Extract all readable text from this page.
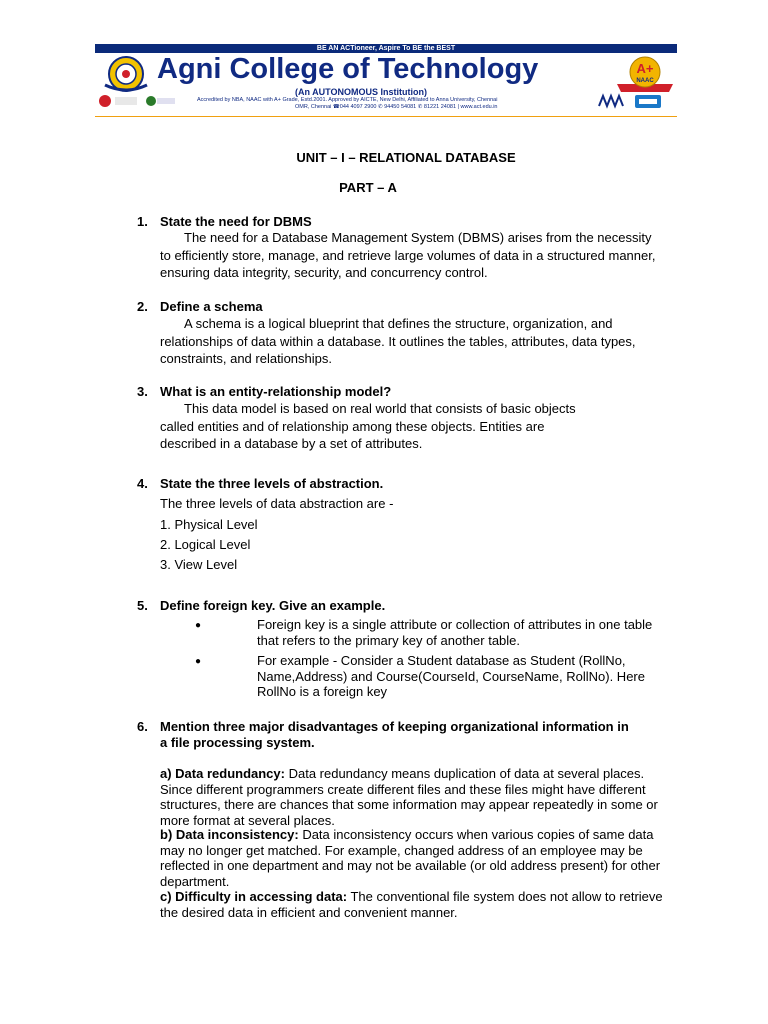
BE AN ACTioneer, Aspire To BE the BEST
Agni College of Technology
(An AUTONOMOUS Institution)
Accredited by NBA, NAAC with A+ Grade, Estd.2001. Approved by AICTE, New Delhi, Affiliated to Anna University, Chennai
OMR, Chennai ☎044 4097 2900 ✆ 94450 54081 ✆ 81221 24081 | www.act.edu.in
A+
NAAC
UNIT – I – RELATIONAL DATABASE
PART – A
1. State the need for DBMS
The need for a Database Management System (DBMS) arises from the necessity to efficiently store, manage, and retrieve large volumes of data in a structured manner, ensuring data integrity, security, and concurrency control.
2. Define a schema
A schema is a logical blueprint that defines the structure, organization, and relationships of data within a database. It outlines the tables, attributes, data types, constraints, and relationships.
3. What is an entity-relationship model?
This data model is based on real world that consists of basic objects called entities and of relationship among these objects. Entities are described in a database by a set of attributes.
4. State the three levels of abstraction.
The three levels of data abstraction are -
1. Physical Level
2. Logical Level
3. View Level
5. Define foreign key. Give an example.
●	Foreign key is a single attribute or collection of attributes in one table that refers to the primary key of another table.
●	For example - Consider a Student database as Student (RollNo, Name,Address) and Course(CourseId, CourseName, RollNo). Here RollNo is a foreign key
6. Mention three major disadvantages of keeping organizational information in
a file processing system.
a) Data redundancy: Data redundancy means duplication of data at several places. Since different programmers create different files and these files might have different structures, there are chances that some information may appear repeatedly in some or more format at several places.
b) Data inconsistency: Data inconsistency occurs when various copies of same data may no longer get matched. For example, changed address of an employee may be reflected in one department and may not be available (or old address present) for other department.
c) Difficulty in accessing data: The conventional file system does not allow to retrieve the desired data in efficient and convenient manner.
